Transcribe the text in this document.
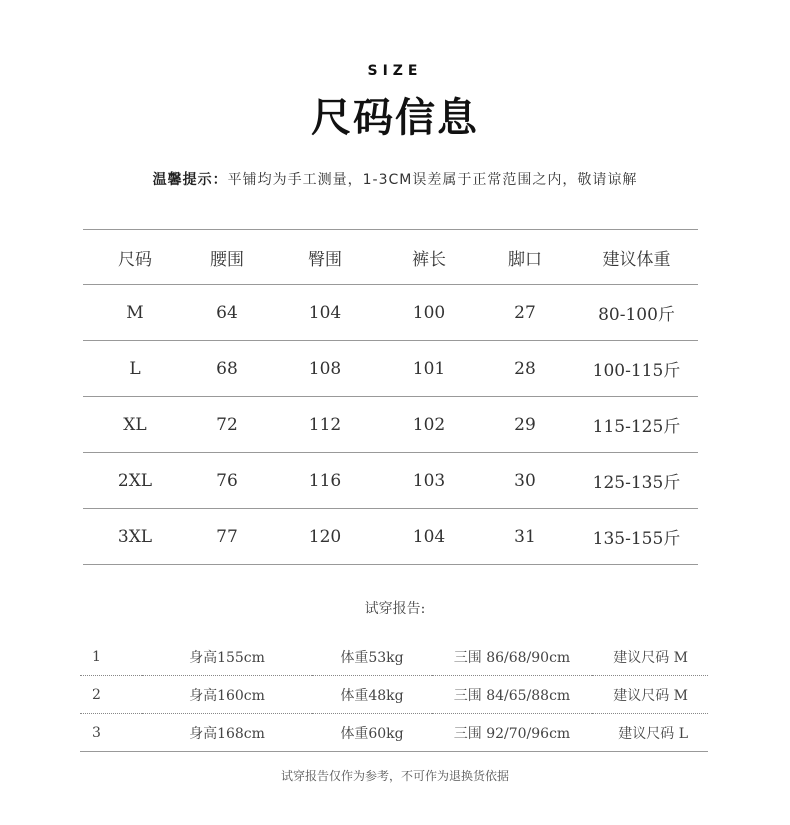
SIZE
尺码信息
温馨提示：平铺均为手工测量，1-3CM误差属于正常范围之内，敬请谅解
尺码	腰围	臀围	裤长	脚口	建议体重
M	64	104	100	27	80-100斤
L	68	108	101	28	100-115斤
XL	72	112	102	29	115-125斤
2XL	76	116	103	30	125-135斤
3XL	77	120	104	31	135-155斤
试穿报告:
1	身高155cm	体重53kg	三围 86/68/90cm	建议尺码 M
2	身高160cm	体重48kg	三围 84/65/88cm	建议尺码 M
3	身高168cm	体重60kg	三围 92/70/96cm	建议尺码 L
试穿报告仅作为参考，不可作为退换货依据
